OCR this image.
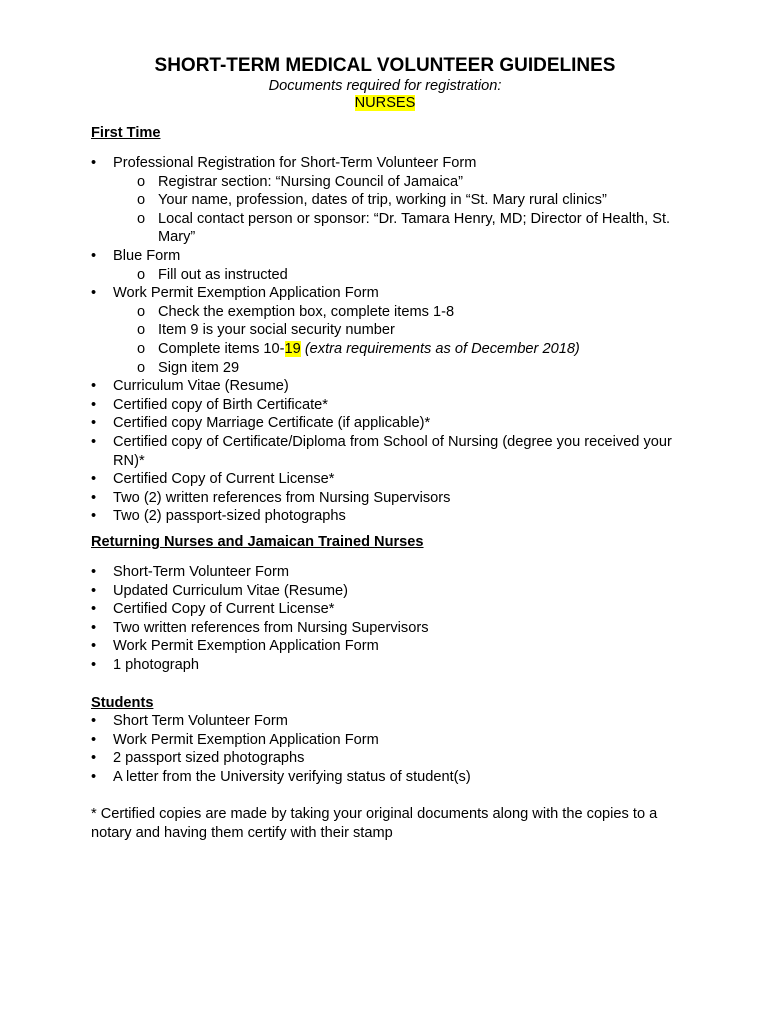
SHORT-TERM MEDICAL VOLUNTEER GUIDELINES
Documents required for registration:
NURSES
First Time
• Professional Registration for Short-Term Volunteer Form
o Registrar section: “Nursing Council of Jamaica”
o Your name, profession, dates of trip, working in “St. Mary rural clinics”
o Local contact person or sponsor: “Dr. Tamara Henry, MD; Director of Health, St. Mary”
• Blue Form
o Fill out as instructed
• Work Permit Exemption Application Form
o Check the exemption box, complete items 1-8
o Item 9 is your social security number
o Complete items 10-19 (extra requirements as of December 2018)
o Sign item 29
• Curriculum Vitae (Resume)
• Certified copy of Birth Certificate*
• Certified copy Marriage Certificate (if applicable)*
• Certified copy of Certificate/Diploma from School of Nursing (degree you received your RN)*
• Certified Copy of Current License*
• Two (2) written references from Nursing Supervisors
• Two (2) passport-sized photographs
Returning Nurses and Jamaican Trained Nurses
• Short-Term Volunteer Form
• Updated Curriculum Vitae (Resume)
• Certified Copy of Current License*
• Two written references from Nursing Supervisors
• Work Permit Exemption Application Form
• 1 photograph
Students
• Short Term Volunteer Form
• Work Permit Exemption Application Form
• 2 passport sized photographs
• A letter from the University verifying status of student(s)
* Certified copies are made by taking your original documents along with the copies to a notary and having them certify with their stamp
